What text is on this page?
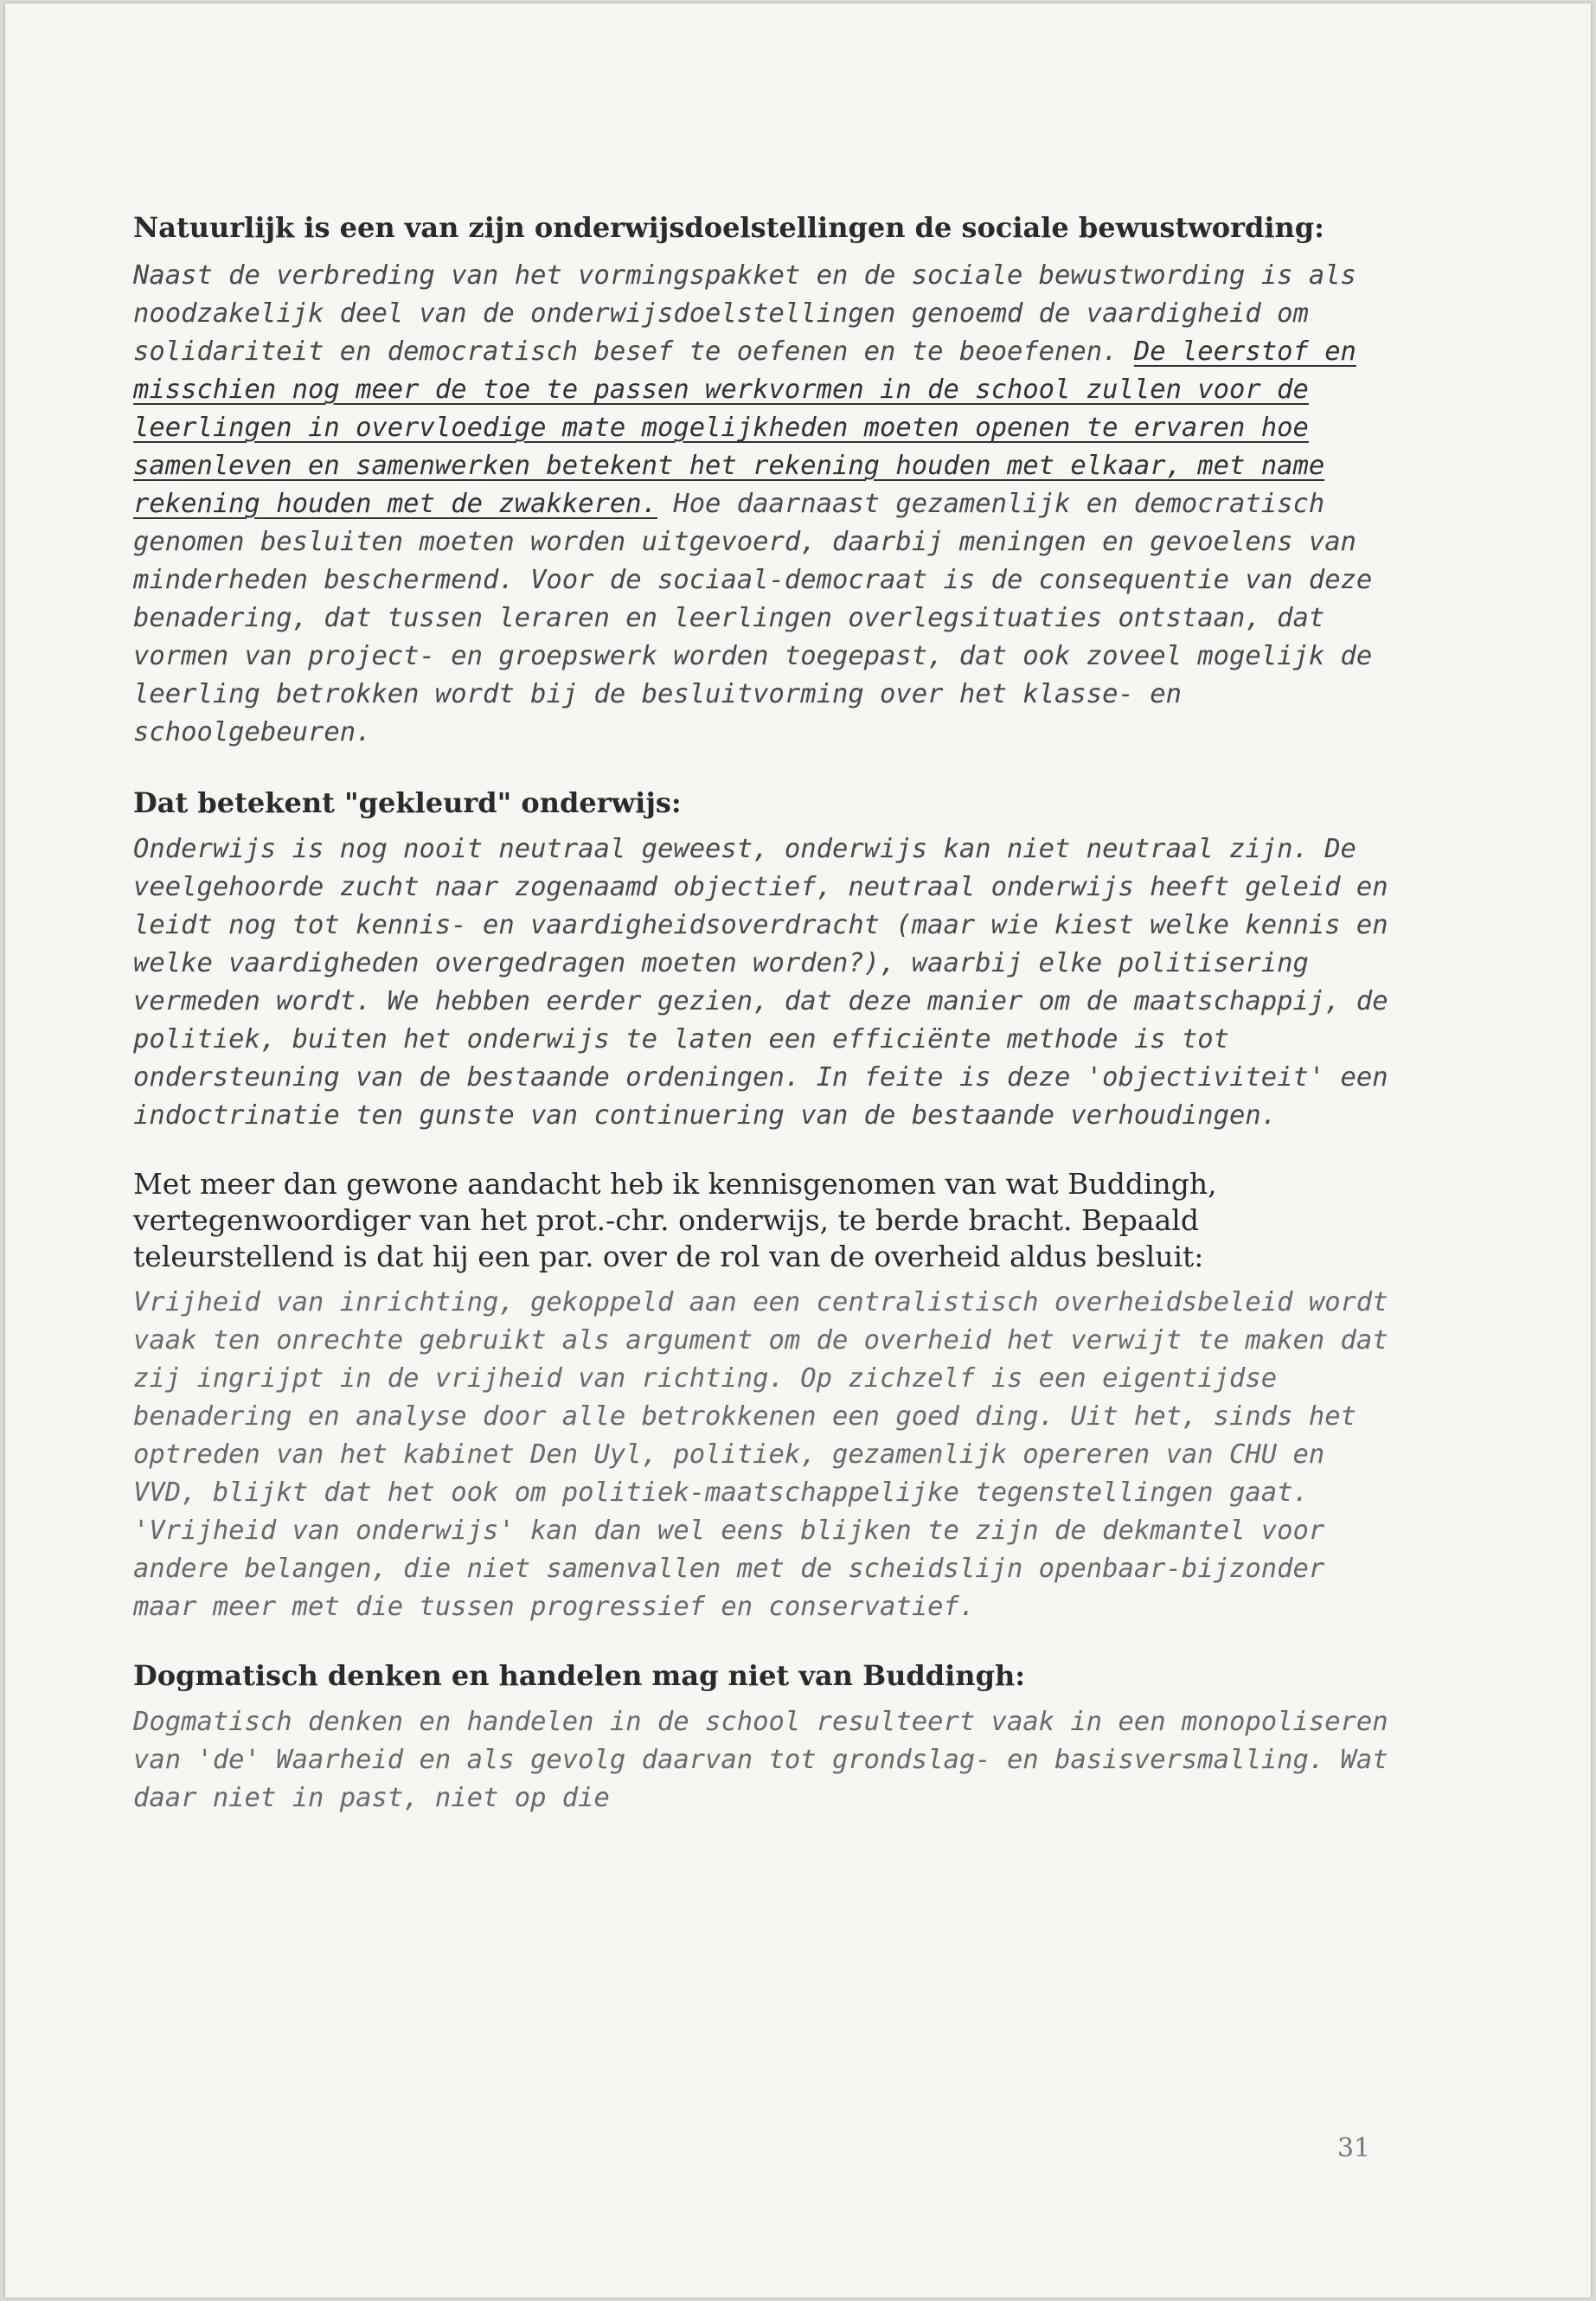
Natuurlijk is een van zijn onderwijsdoelstellingen de sociale bewustwording:

Naast de verbreding van het vormingspakket en de sociale bewustwording is als noodzakelijk deel van de onderwijsdoelstellingen genoemd de vaardigheid om solidariteit en democratisch besef te oefenen en te beoefenen. De leerstof en misschien nog meer de toe te passen werkvormen in de school zullen voor de leerlingen in overvloedige mate mogelijkheden moeten openen te ervaren hoe samenleven en samenwerken betekent het rekening houden met elkaar, met name rekening houden met de zwakkeren. Hoe daarnaast gezamenlijk en democratisch genomen besluiten moeten worden uitgevoerd, daarbij meningen en gevoelens van minderheden beschermend. Voor de sociaal-democraat is de consequentie van deze benadering, dat tussen leraren en leerlingen overlegsituaties ontstaan, dat vormen van project- en groepswerk worden toegepast, dat ook zoveel mogelijk de leerling betrokken wordt bij de besluitvorming over het klasse- en schoolgebeuren.

Dat betekent "gekleurd" onderwijs:

Onderwijs is nog nooit neutraal geweest, onderwijs kan niet neutraal zijn. De veelgehoorde zucht naar zogenaamd objectief, neutraal onderwijs heeft geleid en leidt nog tot kennis- en vaardigheidsoverdracht (maar wie kiest welke kennis en welke vaardigheden overgedragen moeten worden?), waarbij elke politisering vermeden wordt. We hebben eerder gezien, dat deze manier om de maatschappij, de politiek, buiten het onderwijs te laten een efficiënte methode is tot ondersteuning van de bestaande ordeningen. In feite is deze 'objectiviteit' een indoctrinatie ten gunste van continuering van de bestaande verhoudingen.

Met meer dan gewone aandacht heb ik kennisgenomen van wat Buddingh, vertegenwoordiger van het prot.-chr. onderwijs, te berde bracht. Bepaald teleurstellend is dat hij een par. over de rol van de overheid aldus besluit:

Vrijheid van inrichting, gekoppeld aan een centralistisch overheidsbeleid wordt vaak ten onrechte gebruikt als argument om de overheid het verwijt te maken dat zij ingrijpt in de vrijheid van richting. Op zichzelf is een eigentijdse benadering en analyse door alle betrokkenen een goed ding. Uit het, sinds het optreden van het kabinet Den Uyl, politiek, gezamenlijk opereren van CHU en VVD, blijkt dat het ook om politiek-maatschappelijke tegenstellingen gaat. 'Vrijheid van onderwijs' kan dan wel eens blijken te zijn de dekmantel voor andere belangen, die niet samenvallen met de scheidslijn openbaar-bijzonder maar meer met die tussen progressief en conservatief.

Dogmatisch denken en handelen mag niet van Buddingh:

Dogmatisch denken en handelen in de school resulteert vaak in een monopoliseren van 'de' Waarheid en als gevolg daarvan tot grondslag- en basisversmalling. Wat daar niet in past, niet op die

31
